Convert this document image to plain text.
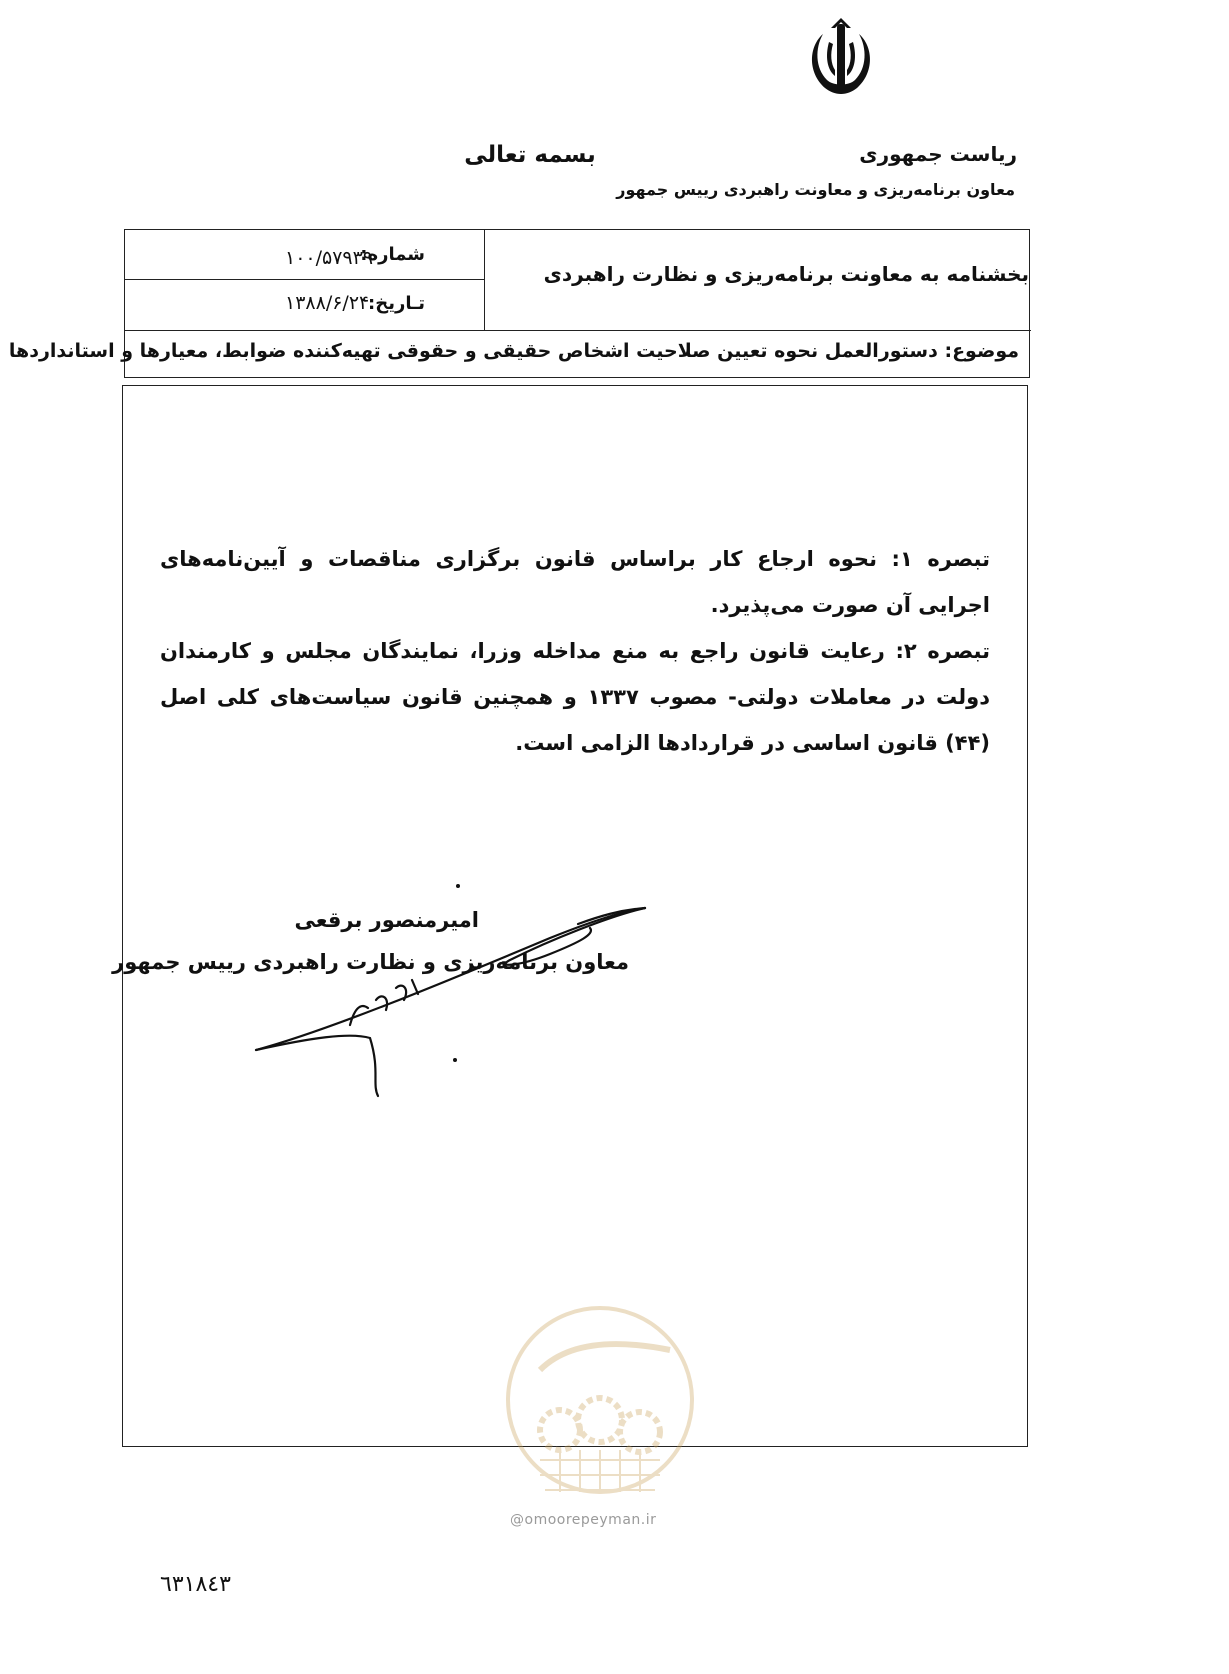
بسمه تعالی	ریاست جمهوری
معاون برنامه‌ریزی و معاونت راهبردی رییس جمهور
شماره:
۱۰۰/۵۷۹۳۹
تـاریخ:
۱۳۸۸/۶/۲۴
بخشنامه به معاونت برنامه‌ریزی و نظارت راهبردی
موضوع: دستورالعمل نحوه تعیین صلاحیت اشخاص حقیقی و حقوقی تهیه‌کننده ضوابط، معیارها و استانداردها

تبصره ۱: نحوه ارجاع کار براساس قانون برگزاری مناقصات و آیین‌نامه‌های اجرایی آن صورت می‌پذیرد.

تبصره ۲: رعایت قانون راجع به منع مداخله وزرا، نمایندگان مجلس و کارمندان دولت در معاملات دولتی- مصوب ۱۳۳۷ و همچنین قانون سیاست‌های کلی اصل (۴۴) قانون اساسی در قراردادها الزامی است.

امیرمنصور برقعی
معاون برنامه‌ریزی و نظارت راهبردی رییس جمهور
@omoorepeyman.ir
٦٣١٨٤٣
